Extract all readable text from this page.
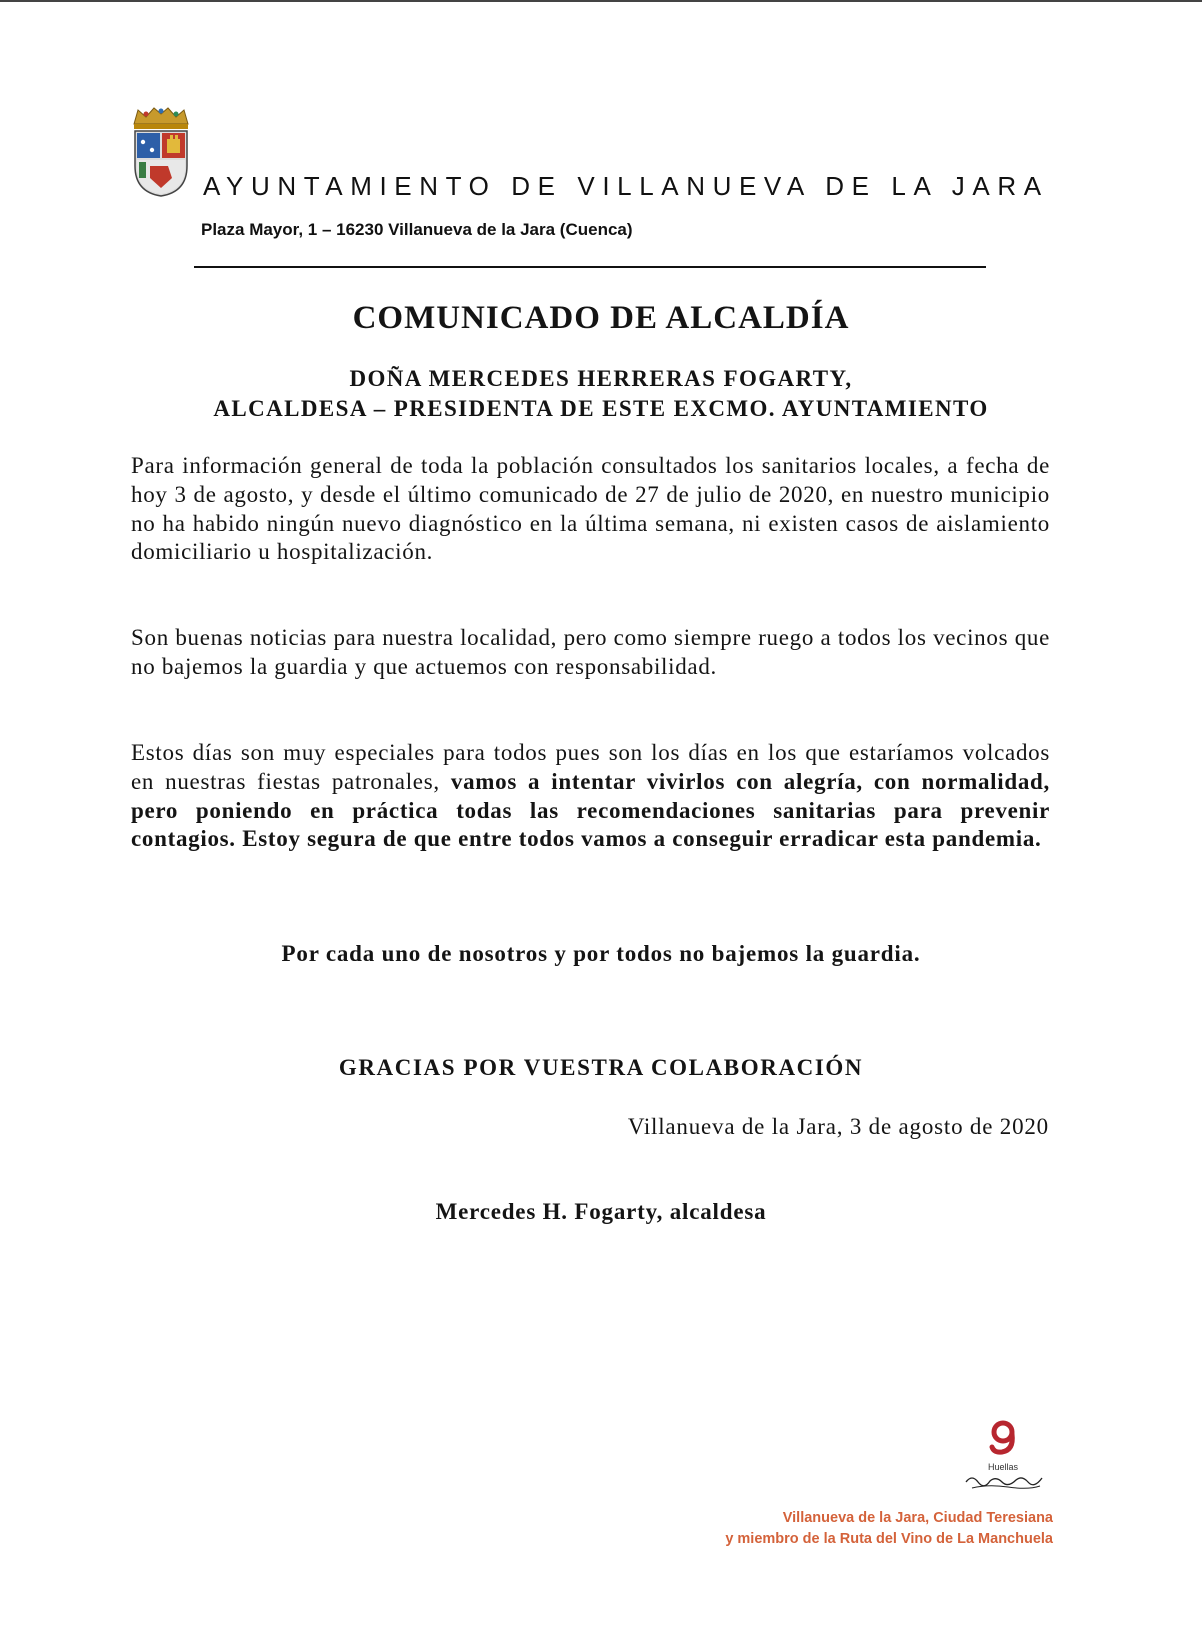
AYUNTAMIENTO DE VILLANUEVA DE LA JARA
Plaza Mayor, 1 – 16230 Villanueva de la Jara (Cuenca)
COMUNICADO DE ALCALDÍA
DOÑA MERCEDES HERRERAS FOGARTY,
ALCALDESA – PRESIDENTA DE ESTE EXCMO. AYUNTAMIENTO

Para información general de toda la población consultados los sanitarios locales, a fecha de hoy 3 de agosto, y desde el último comunicado de 27 de julio de 2020, en nuestro municipio no ha habido ningún nuevo diagnóstico en la última semana, ni existen casos de aislamiento domiciliario u hospitalización.

Son buenas noticias para nuestra localidad, pero como siempre ruego a todos los vecinos que no bajemos la guardia y que actuemos con responsabilidad.

Estos días son muy especiales para todos pues son los días en los que estaríamos volcados en nuestras fiestas patronales, vamos a intentar vivirlos con alegría, con normalidad, pero poniendo en práctica todas las recomendaciones sanitarias para prevenir contagios. Estoy segura de que entre todos vamos a conseguir erradicar esta pandemia.

Por cada uno de nosotros y por todos no bajemos la guardia.
GRACIAS POR VUESTRA COLABORACIÓN
Villanueva de la Jara, 3 de agosto de 2020
Mercedes H. Fogarty, alcaldesa
Huellas
Villanueva de la Jara, Ciudad Teresiana
y miembro de la Ruta del Vino de La Manchuela
